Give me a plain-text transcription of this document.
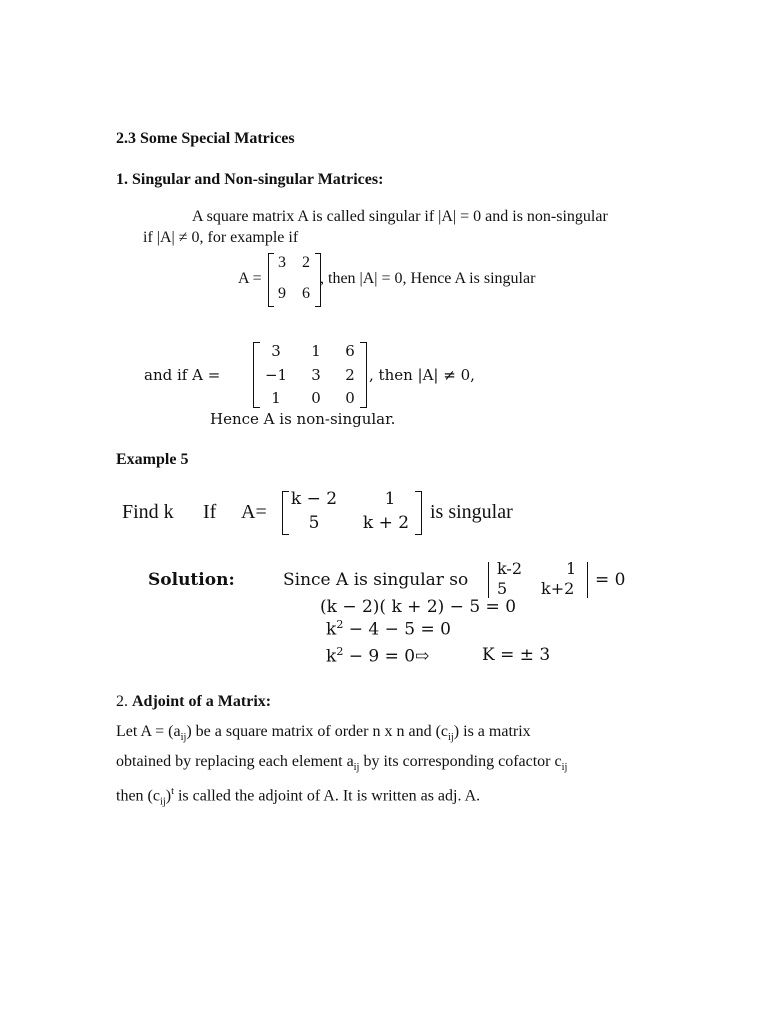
2.3 Some Special Matrices
1. Singular and Non-singular Matrices:
A square matrix A is called singular if |A| = 0 and is non-singular
if |A| ≠ 0, for example if
A =
3	2
9	6
, then |A| = 0, Hence A is singular
and if A =
3	1	6
−1	3	2
1	0	0
, then |A| ≠ 0,
Hence A is non-singular.
Example 5
Find k If A=
k − 2	1
5	k + 2	is singular
Solution:	Since A is singular so
k-2	1
5 k+2 = 0
(k − 2)( k + 2) − 5 = 0
$k^2 - 4 - 5 = 0$
$k^2 - 9$ = 0⇨	K = ± 3
2. Adjoint of a Matrix:
Let $A = (a_{ij})$ be a square matrix of order n x n and $(c_{ij})$ is a matrix
obtained by replacing each element $a_{ij}$ by its corresponding cofactor $c_{ij}$
then $(c_{ij})^t$ is called the adjoint of A. It is written as adj. A.
